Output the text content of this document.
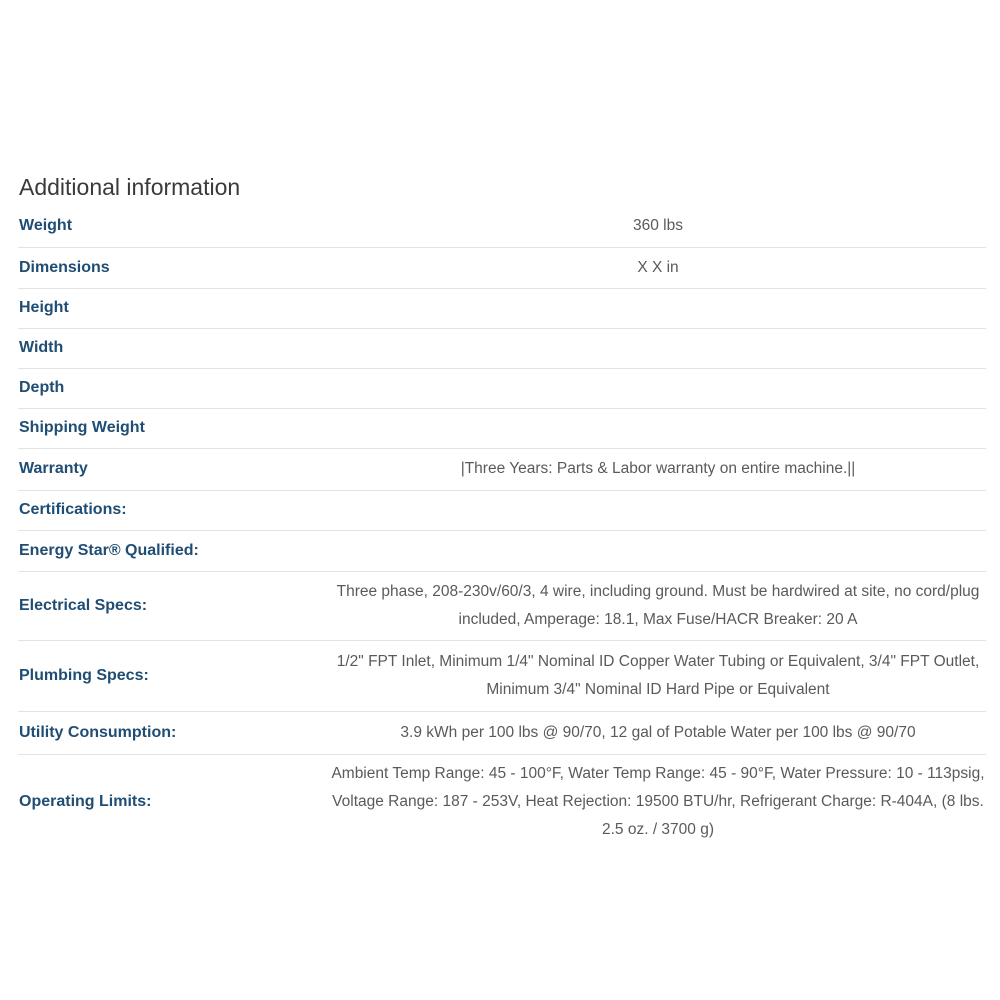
Additional information
Weight	360 lbs
Dimensions	X X in
Height	
Width	
Depth	
Shipping Weight	
Warranty	|Three Years: Parts & Labor warranty on entire machine.||
Certifications:	
Energy Star® Qualified:	
Electrical Specs:	Three phase, 208-230v/60/3, 4 wire, including ground. Must be hardwired at site, no cord/plug included, Amperage: 18.1, Max Fuse/HACR Breaker: 20 A
Plumbing Specs:	1/2" FPT Inlet, Minimum 1/4" Nominal ID Copper Water Tubing or Equivalent, 3/4" FPT Outlet, Minimum 3/4" Nominal ID Hard Pipe or Equivalent
Utility Consumption:	3.9 kWh per 100 lbs @ 90/70, 12 gal of Potable Water per 100 lbs @ 90/70
Operating Limits:	Ambient Temp Range: 45 - 100°F, Water Temp Range: 45 - 90°F, Water Pressure: 10 - 113psig, Voltage Range: 187 - 253V, Heat Rejection: 19500 BTU/hr, Refrigerant Charge: R-404A, (8 lbs. 2.5 oz. / 3700 g)
